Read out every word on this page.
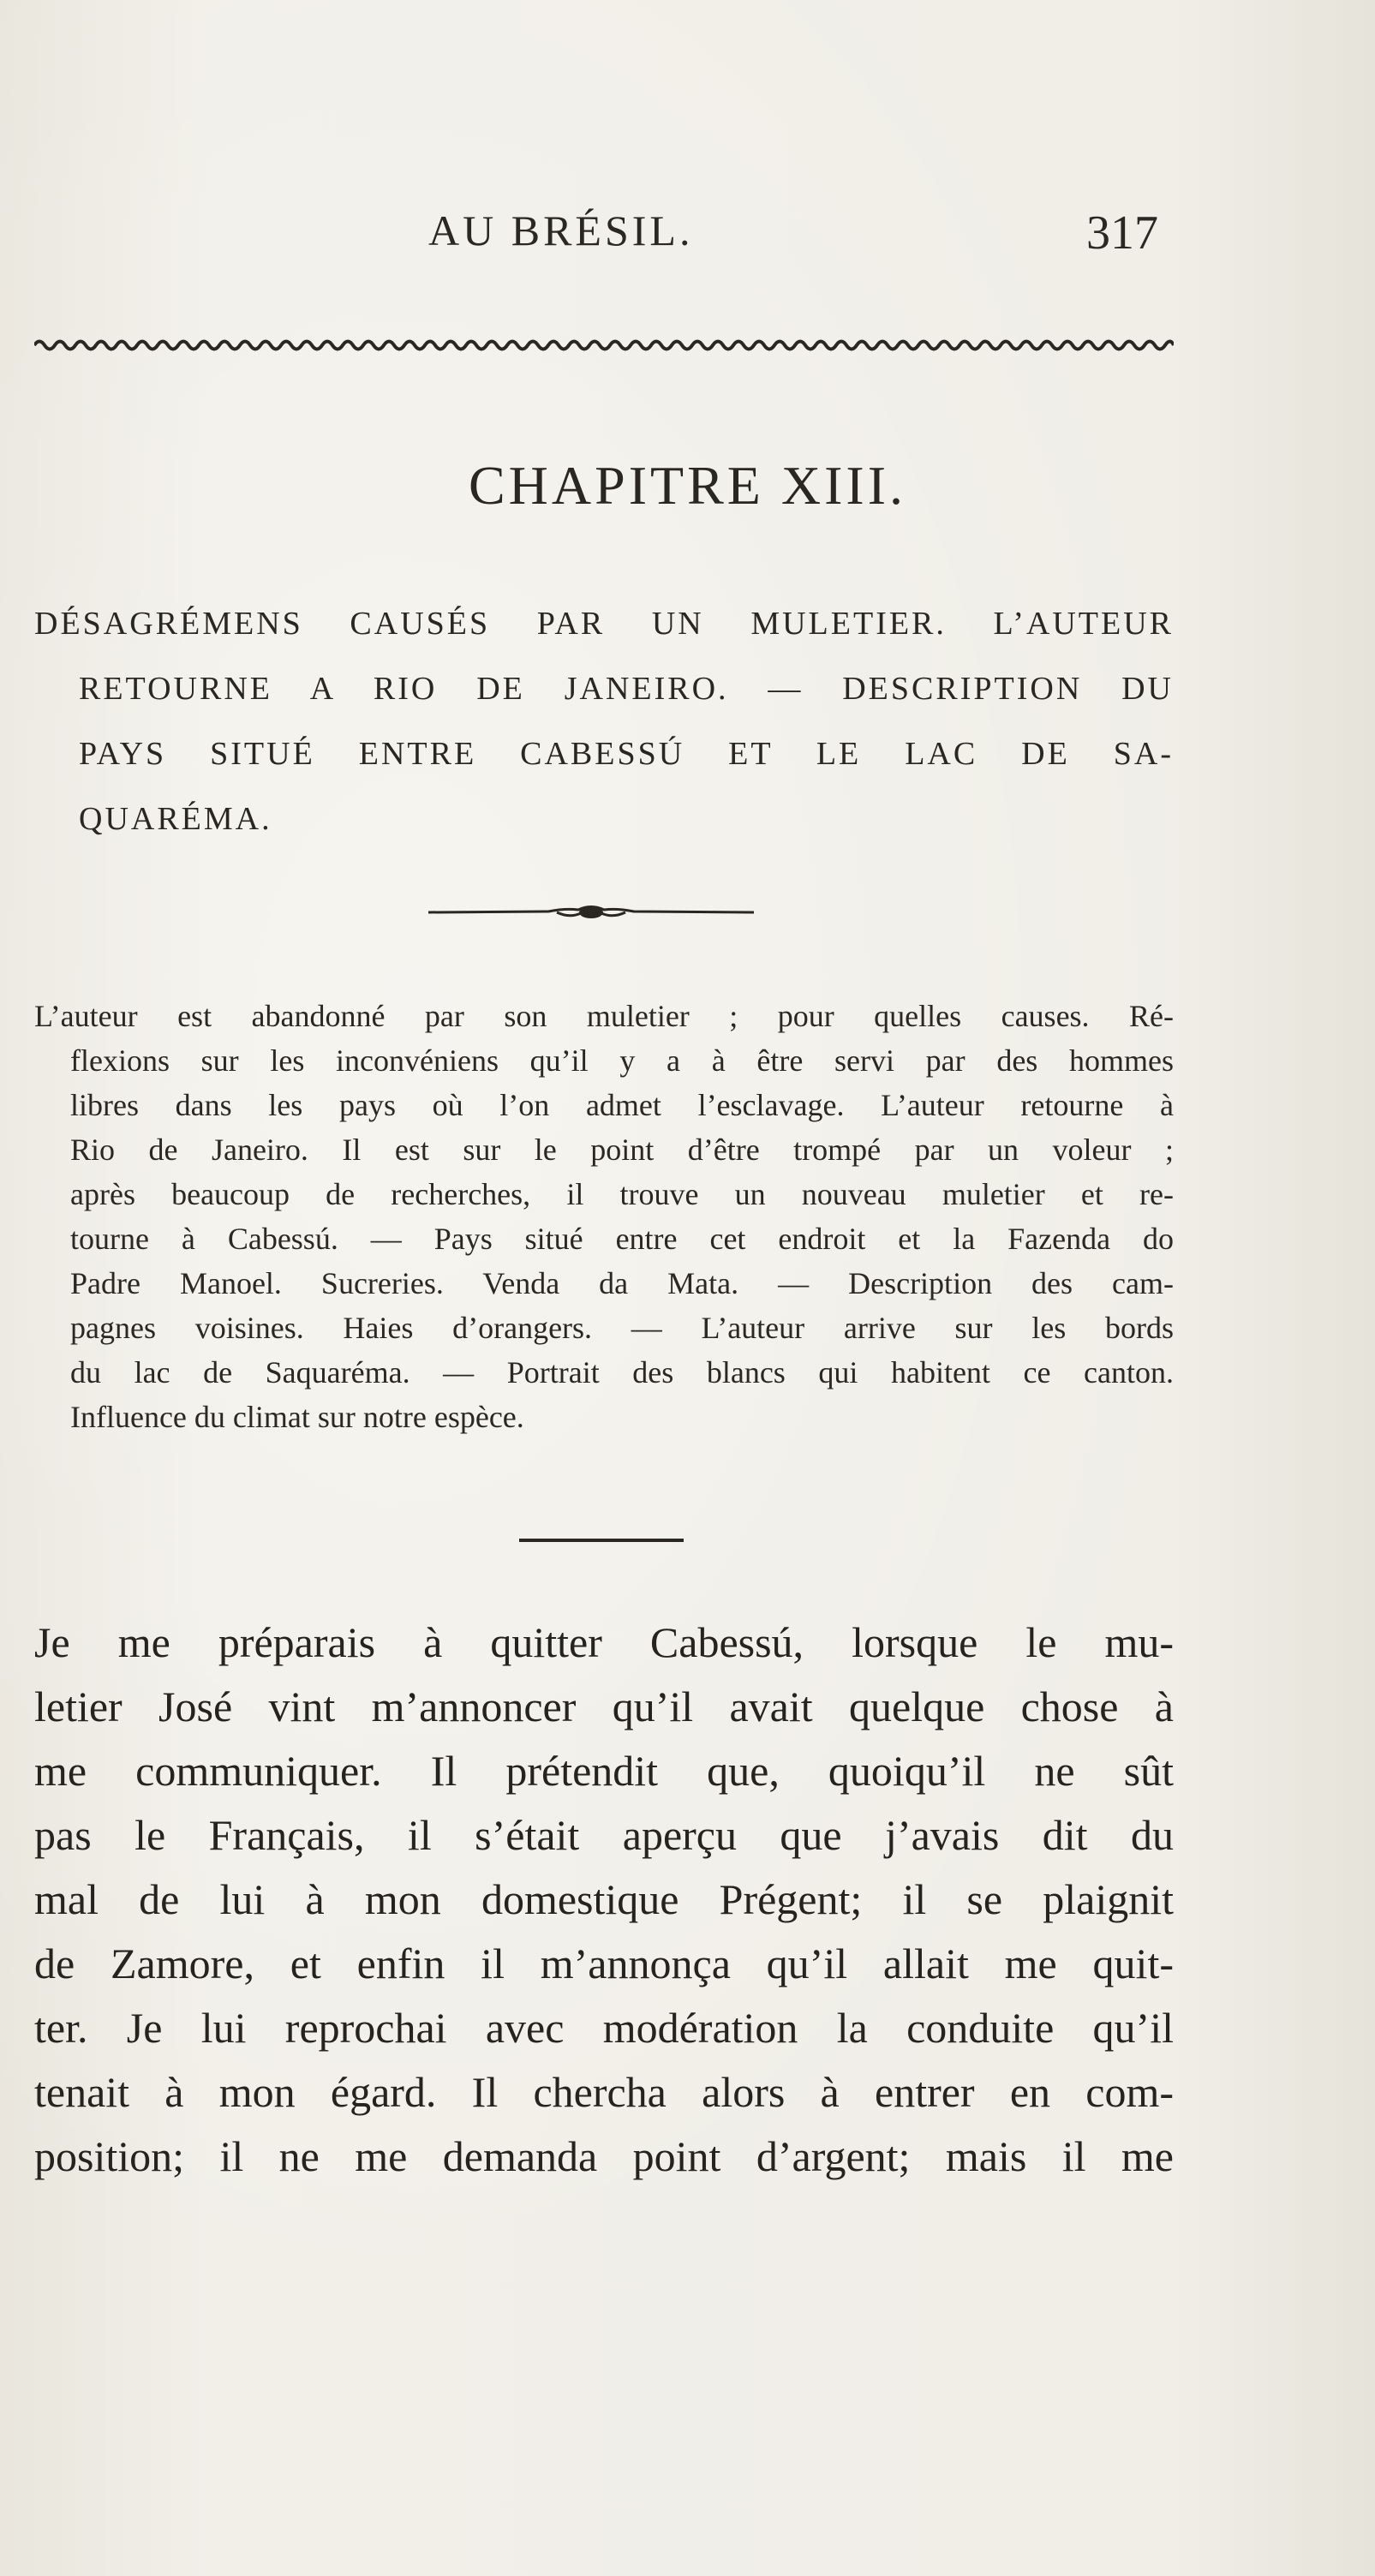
AU BRÉSIL.	317
CHAPITRE XIII.
DÉSAGRÉMENS CAUSÉS PAR UN MULETIER. L’AUTEUR
RETOURNE A RIO DE JANEIRO. — DESCRIPTION DU
PAYS SITUÉ ENTRE CABESSÚ ET LE LAC DE SA-
QUARÉMA.
L’auteur est abandonné par son muletier ; pour quelles causes. Ré-
flexions sur les inconvéniens qu’il y a à être servi par des hommes
libres dans les pays où l’on admet l’esclavage. L’auteur retourne à
Rio de Janeiro. Il est sur le point d’être trompé par un voleur ;
après beaucoup de recherches, il trouve un nouveau muletier et re-
tourne à Cabessú. — Pays situé entre cet endroit et la Fazenda do
Padre Manoel. Sucreries. Venda da Mata. — Description des cam-
pagnes voisines. Haies d’orangers. — L’auteur arrive sur les bords
du lac de Saquaréma. — Portrait des blancs qui habitent ce canton.
Influence du climat sur notre espèce.
Je me préparais à quitter Cabessú, lorsque le mu-
letier José vint m’annoncer qu’il avait quelque chose à
me communiquer. Il prétendit que, quoiqu’il ne sût
pas le Français, il s’était aperçu que j’avais dit du
mal de lui à mon domestique Prégent; il se plaignit
de Zamore, et enfin il m’annonça qu’il allait me quit-
ter. Je lui reprochai avec modération la conduite qu’il
tenait à mon égard. Il chercha alors à entrer en com-
position; il ne me demanda point d’argent; mais il me
